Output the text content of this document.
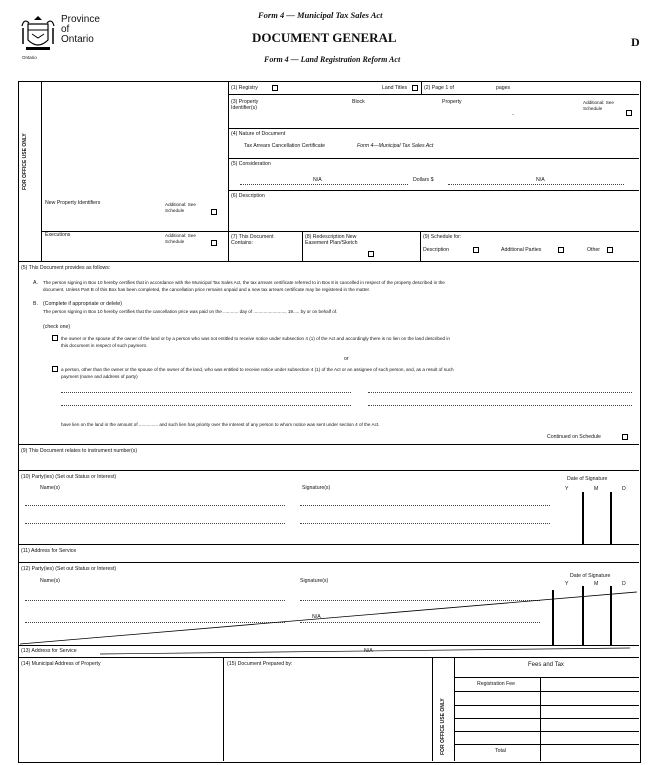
Ontario
Province
of
Ontario
Form 4 — Municipal Tax Sales Act
DOCUMENT GENERAL
Form 4 — Land Registration Reform Act
D
FOR OFFICE USE ONLY
New Property Identifiers	Additional: See Schedule
Executions	Additional: See Schedule
(1) Registry	Land Titles	(2) Page 1 of	pages
(3) Property Identifier(s)
Block	Property	Additional: See Schedule
-
(4) Nature of Document
Tax Arrears Cancellation Certificate	Form 4—Municipal Tax Sales Act
(5) Consideration
N/A	Dollars $	N/A
(6) Description
(7) This Document Contains:
(8) Redescription New Easement Plan/Sketch
(9) Schedule for:
Description	Additional Parties	Other
(5) This Document provides as follows:
A. The person signing in Box 10 hereby certifies that in accordance with the Municipal Tax Sales Act, the tax arrears certificate referred to in Box 8 is cancelled in respect of the property described in the
document. Unless Part B of this Box has been completed, the cancellation price remains unpaid and a new tax arrears certificate may be registered in the matter.
B. (Complete if appropriate or delete)
The person signing in Box 10 hereby certifies that the cancellation price was paid on the ............ day of ........................., 19..... by or on behalf of.
(check one)
the owner or the spouse of the owner of the land or by a person who was not entitled to receive notice under subsection 4 (1) of the Act and accordingly there is no lien on the land described in
this document in respect of such payment.
or
a person, other than the owner or the spouse of the owner of the land, who was entitled to receive notice under subsection 4 (1) of the Act or an assignee of such person, and, as a result of such
payment (name and address of party)
have lien on the land in the amount of ............... and such lien has priority over the interest of any person to whom notice was sent under section 4 of the Act.
Continued on Schedule
(9) This Document relates to instrument number(s)
(10) Party(ies) (Set out Status or Interest)
Name(s)	Signature(s)
Date of Signature
Y	M	D
(11) Address for Service
(12) Party(ies) (Set out Status or Interest)
Name(s)	Signature(s)
Date of Signature
Y	M	D
N/A
(13) Address for Service
(14) Municipal Address of Property	(15) Document Prepared by:
FOR OFFICE USE ONLY
Fees and Tax
Registration Fee
Total
